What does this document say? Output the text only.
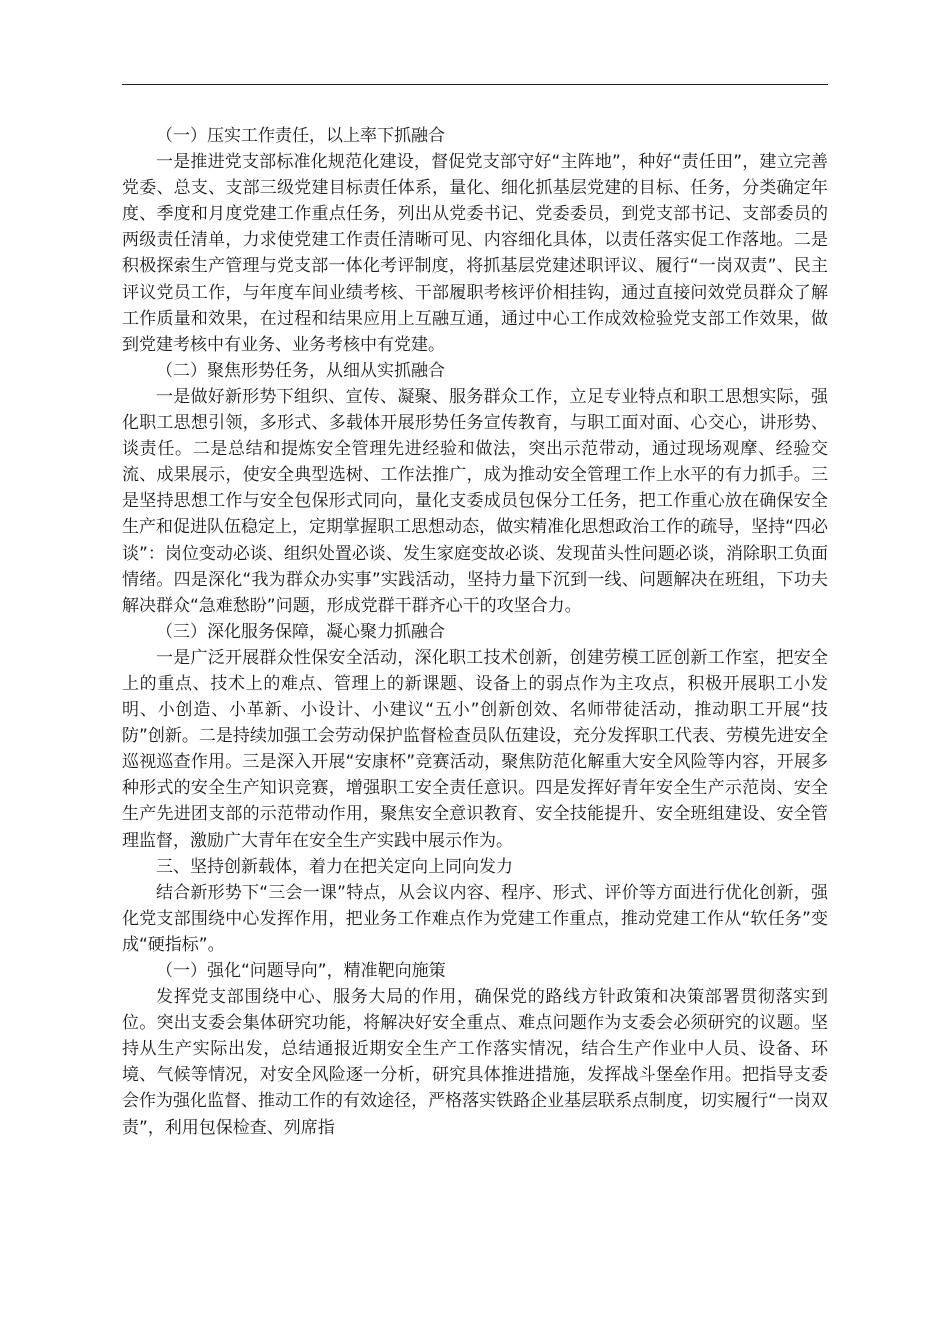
（一）压实工作责任，以上率下抓融合

一是推进党支部标准化规范化建设，督促党支部守好“主阵地”，种好“责任田”，建立完善党委、总支、支部三级党建目标责任体系，量化、细化抓基层党建的目标、任务，分类确定年度、季度和月度党建工作重点任务，列出从党委书记、党委委员，到党支部书记、支部委员的两级责任清单，力求使党建工作责任清晰可见、内容细化具体，以责任落实促工作落地。二是积极探索生产管理与党支部一体化考评制度，将抓基层党建述职评议、履行“一岗双责”、民主评议党员工作，与年度车间业绩考核、干部履职考核评价相挂钩，通过直接问效党员群众了解工作质量和效果，在过程和结果应用上互融互通，通过中心工作成效检验党支部工作效果，做到党建考核中有业务、业务考核中有党建。

（二）聚焦形势任务，从细从实抓融合

一是做好新形势下组织、宣传、凝聚、服务群众工作，立足专业特点和职工思想实际，强化职工思想引领，多形式、多载体开展形势任务宣传教育，与职工面对面、心交心，讲形势、谈责任。二是总结和提炼安全管理先进经验和做法，突出示范带动，通过现场观摩、经验交流、成果展示，使安全典型选树、工作法推广，成为推动安全管理工作上水平的有力抓手。三是坚持思想工作与安全包保形式同向，量化支委成员包保分工任务，把工作重心放在确保安全生产和促进队伍稳定上，定期掌握职工思想动态，做实精准化思想政治工作的疏导，坚持“四必谈”：岗位变动必谈、组织处置必谈、发生家庭变故必谈、发现苗头性问题必谈，消除职工负面情绪。四是深化“我为群众办实事”实践活动，坚持力量下沉到一线、问题解决在班组，下功夫解决群众“急难愁盼”问题，形成党群干群齐心干的攻坚合力。

（三）深化服务保障，凝心聚力抓融合

一是广泛开展群众性保安全活动，深化职工技术创新，创建劳模工匠创新工作室，把安全上的重点、技术上的难点、管理上的新课题、设备上的弱点作为主攻点，积极开展职工小发明、小创造、小革新、小设计、小建议“五小”创新创效、名师带徒活动，推动职工开展“技防”创新。二是持续加强工会劳动保护监督检查员队伍建设，充分发挥职工代表、劳模先进安全巡视巡查作用。三是深入开展“安康杯”竞赛活动，聚焦防范化解重大安全风险等内容，开展多种形式的安全生产知识竞赛，增强职工安全责任意识。四是发挥好青年安全生产示范岗、安全生产先进团支部的示范带动作用，聚焦安全意识教育、安全技能提升、安全班组建设、安全管理监督，激励广大青年在安全生产实践中展示作为。

三、坚持创新载体，着力在把关定向上同向发力

结合新形势下“三会一课”特点，从会议内容、程序、形式、评价等方面进行优化创新，强化党支部围绕中心发挥作用，把业务工作难点作为党建工作重点，推动党建工作从“软任务”变成“硬指标”。

（一）强化“问题导向”，精准靶向施策

发挥党支部围绕中心、服务大局的作用，确保党的路线方针政策和决策部署贯彻落实到位。突出支委会集体研究功能，将解决好安全重点、难点问题作为支委会必须研究的议题。坚持从生产实际出发，总结通报近期安全生产工作落实情况，结合生产作业中人员、设备、环境、气候等情况，对安全风险逐一分析，研究具体推进措施，发挥战斗堡垒作用。把指导支委会作为强化监督、推动工作的有效途径，严格落实铁路企业基层联系点制度，切实履行“一岗双责”，利用包保检查、列席指
